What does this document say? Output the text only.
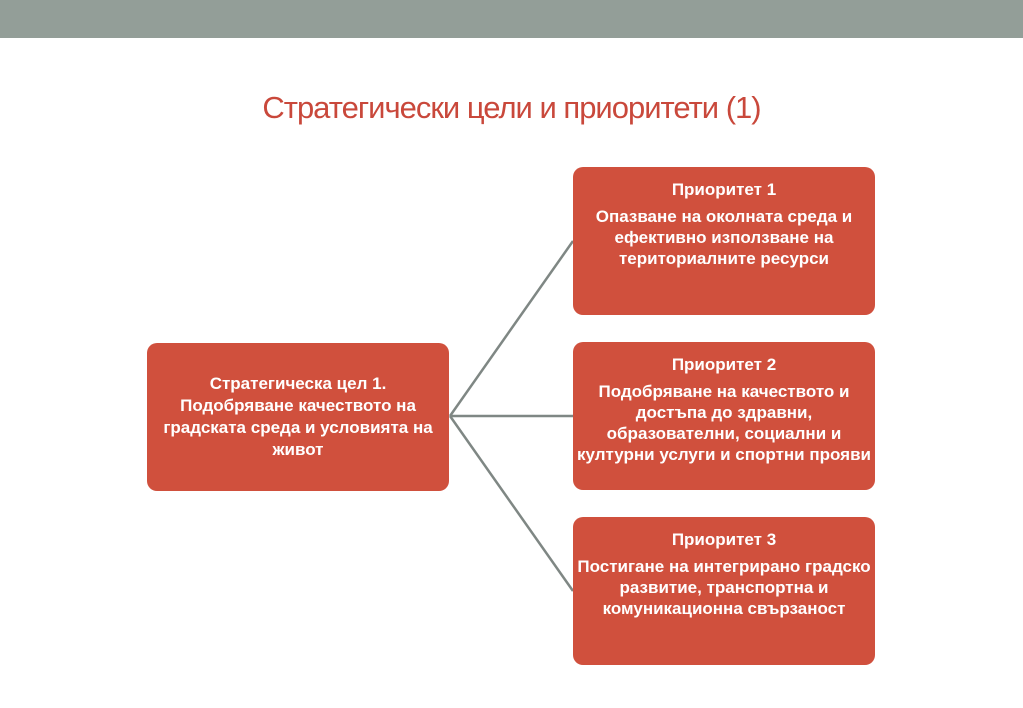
Стратегически цели и приоритети (1)
Стратегическа цел 1.
Подобряване качеството на градската среда и условията на живот
Приоритет 1
Опазване на околната среда и ефективно използване на териториалните ресурси
Приоритет 2
Подобряване на качеството и достъпа до здравни, образователни, социални и културни услуги и спортни прояви
Приоритет 3
Постигане на интегрирано градско развитие, транспортна и комуникационна свързаност
